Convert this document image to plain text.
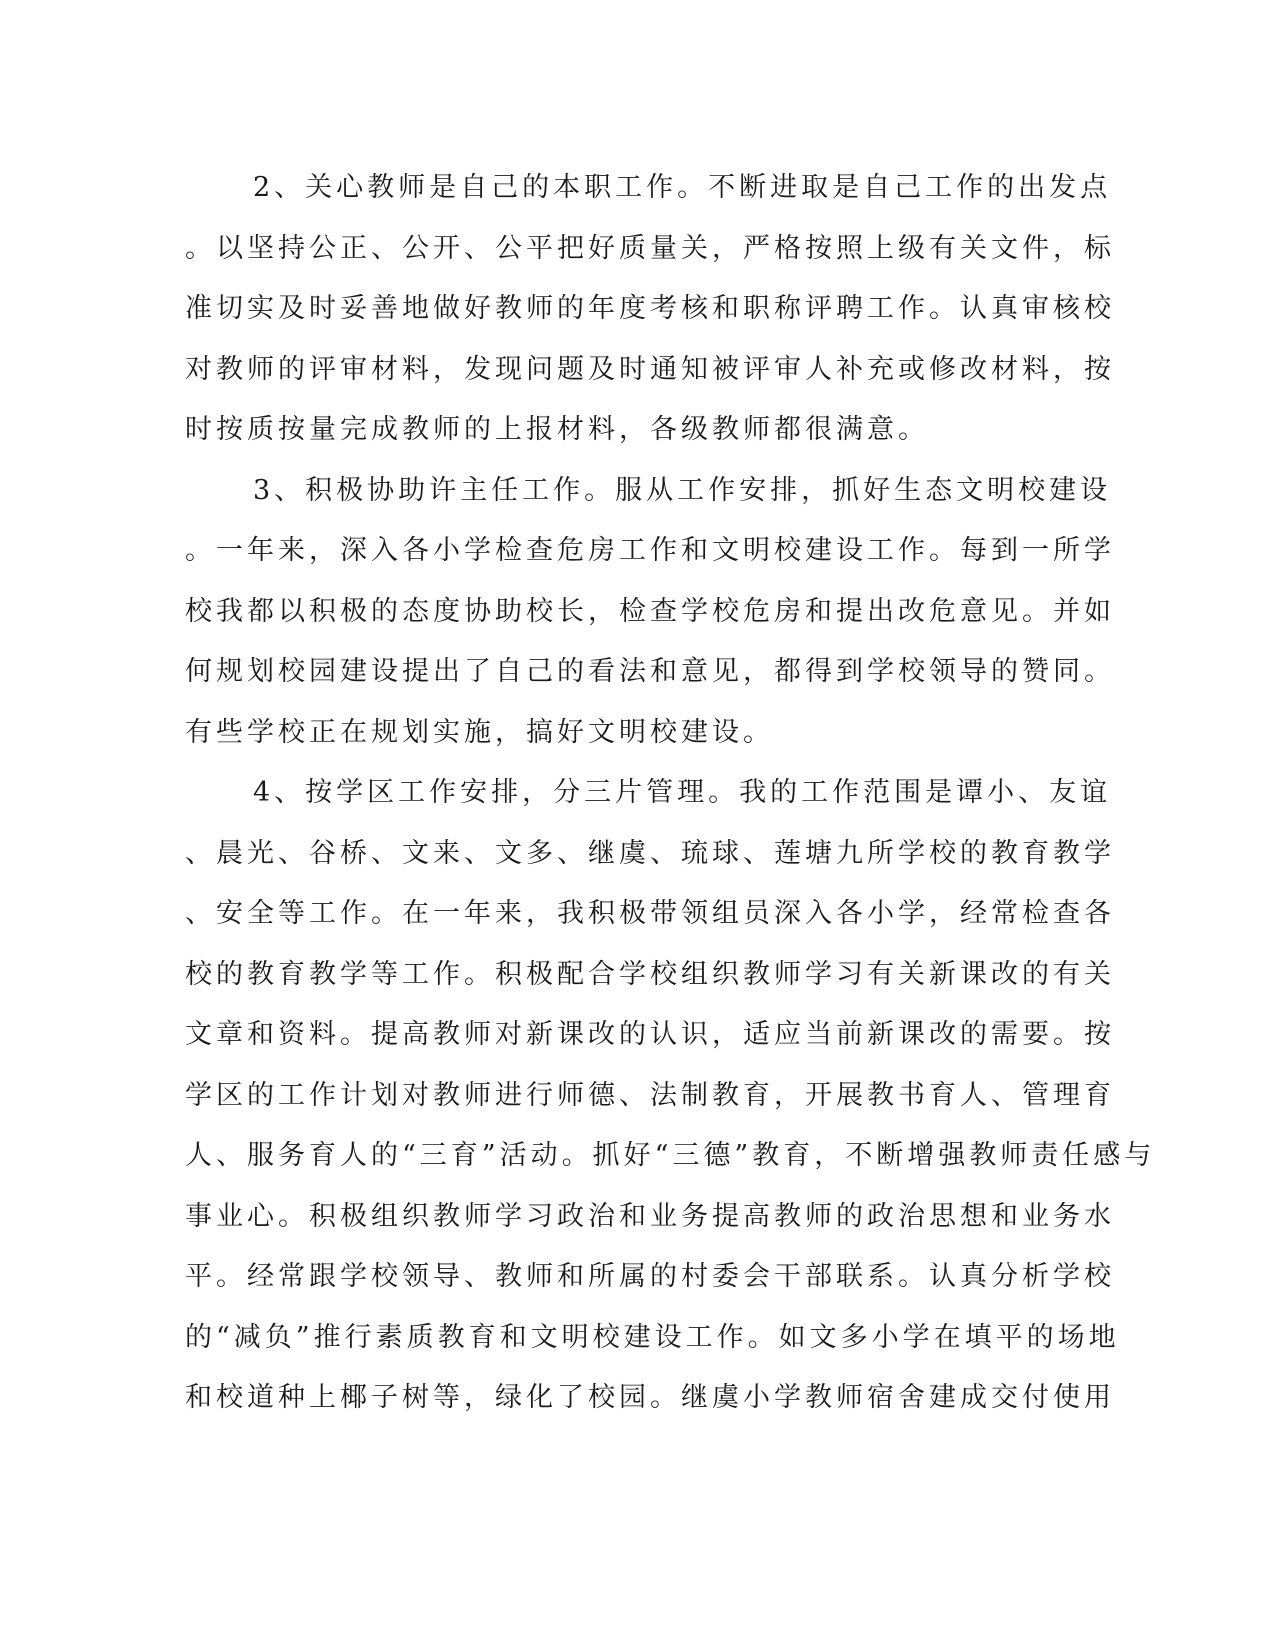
2、关心教师是自己的本职工作。不断进取是自己工作的出发点

。以坚持公正、公开、公平把好质量关，严格按照上级有关文件，标

准切实及时妥善地做好教师的年度考核和职称评聘工作。认真审核校

对教师的评审材料，发现问题及时通知被评审人补充或修改材料，按

时按质按量完成教师的上报材料，各级教师都很满意。

3、积极协助许主任工作。服从工作安排，抓好生态文明校建设

。一年来，深入各小学检查危房工作和文明校建设工作。每到一所学

校我都以积极的态度协助校长，检查学校危房和提出改危意见。并如

何规划校园建设提出了自己的看法和意见，都得到学校领导的赞同。

有些学校正在规划实施，搞好文明校建设。

4、按学区工作安排，分三片管理。我的工作范围是谭小、友谊

、晨光、谷桥、文来、文多、继虞、琉球、莲塘九所学校的教育教学

、安全等工作。在一年来，我积极带领组员深入各小学，经常检查各

校的教育教学等工作。积极配合学校组织教师学习有关新课改的有关

文章和资料。提高教师对新课改的认识，适应当前新课改的需要。按

学区的工作计划对教师进行师德、法制教育，开展教书育人、管理育

人、服务育人的“三育”活动。抓好“三德”教育，不断增强教师责任感与

事业心。积极组织教师学习政治和业务提高教师的政治思想和业务水

平。经常跟学校领导、教师和所属的村委会干部联系。认真分析学校

的“减负”推行素质教育和文明校建设工作。如文多小学在填平的场地

和校道种上椰子树等，绿化了校园。继虞小学教师宿舍建成交付使用
